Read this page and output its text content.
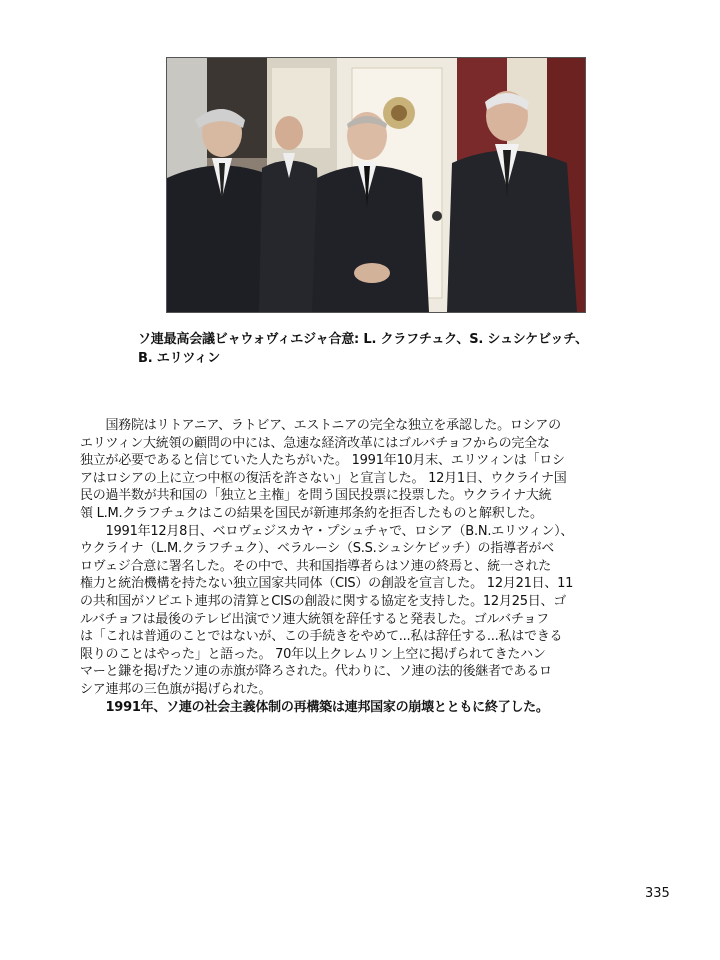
ソ連最高会議ビャウォヴィエジャ合意: L. クラフチュク、S. シュシケビッチ、
B. エリツィン
　　国務院はリトアニア、ラトビア、エストニアの完全な独立を承認した。ロシアの
エリツィン大統領の顧問の中には、急速な経済改革にはゴルバチョフからの完全な
独立が必要であると信じていた人たちがいた。 1991年10月末、エリツィンは「ロシ
アはロシアの上に立つ中枢の復活を許さない」と宣言した。 12月1日、ウクライナ国
民の過半数が共和国の「独立と主権」を問う国民投票に投票した。ウクライナ大統
領 L.M.クラフチュクはこの結果を国民が新連邦条約を拒否したものと解釈した。
　　1991年12月8日、ベロヴェジスカヤ・プシュチャで、ロシア（B.N.エリツィン）、
ウクライナ（L.M.クラフチュク）、ベラルーシ（S.S.シュシケビッチ）の指導者がベ
ロヴェジ合意に署名した。その中で、共和国指導者らはソ連の終焉と、統一された
権力と統治機構を持たない独立国家共同体（CIS）の創設を宣言した。 12月21日、11
の共和国がソビエト連邦の清算とCISの創設に関する協定を支持した。12月25日、ゴ
ルバチョフは最後のテレビ出演でソ連大統領を辞任すると発表した。ゴルバチョフ
は「これは普通のことではないが、この手続きをやめて...私は辞任する...私はできる
限りのことはやった」と語った。 70年以上クレムリン上空に掲げられてきたハン
マーと鎌を掲げたソ連の赤旗が降ろされた。代わりに、ソ連の法的後継者であるロ
シア連邦の三色旗が掲げられた。
　　1991年、ソ連の社会主義体制の再構築は連邦国家の崩壊とともに終了した。
335
